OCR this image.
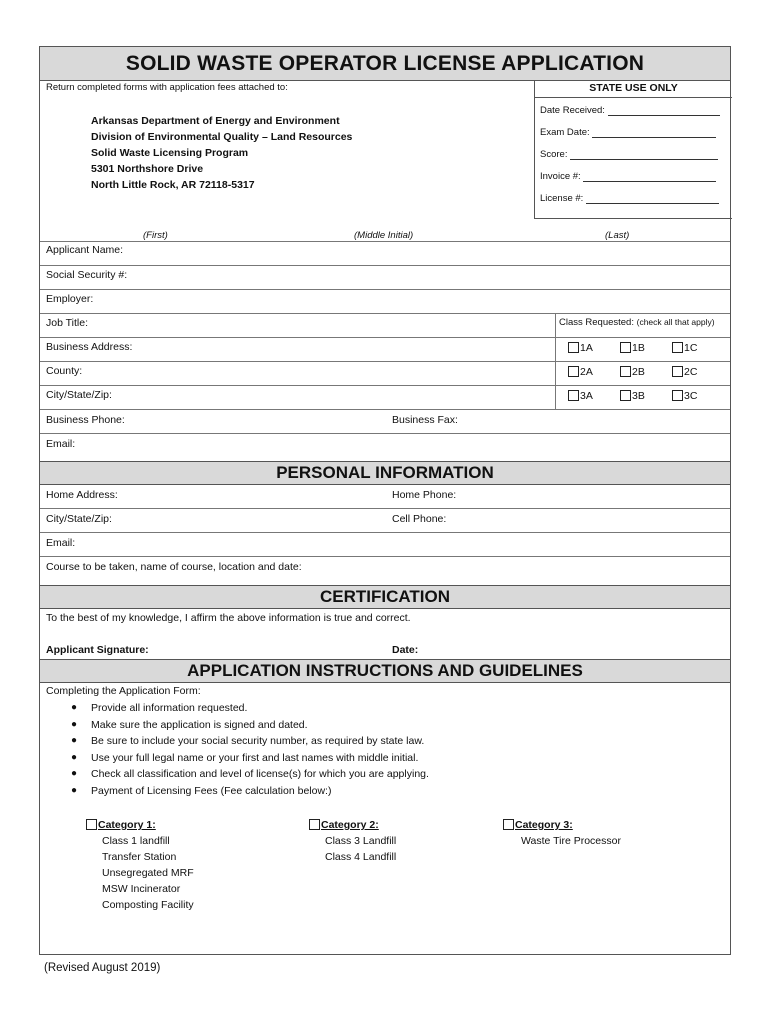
SOLID WASTE OPERATOR LICENSE APPLICATION
Return completed forms with application fees attached to:
Arkansas Department of Energy and Environment
Division of Environmental Quality – Land Resources
Solid Waste Licensing Program
5301 Northshore Drive
North Little Rock, AR 72118-5317
STATE USE ONLY
Date Received:
Exam Date:
Score:
Invoice #:
License #:
(First)	(Middle Initial)	(Last)
Applicant Name:
Social Security #:
Employer:
Job Title:
Business Address:
County:
City/State/Zip:
Business Phone:	Business Fax:
Email:
Class Requested: (check all that apply)
1A	1B	1C
2A	2B	2C
3A	3B	3C
PERSONAL INFORMATION
Home Address:	Home Phone:
City/State/Zip:	Cell Phone:
Email:
Course to be taken, name of course, location and date:
CERTIFICATION
To the best of my knowledge, I affirm the above information is true and correct.
Applicant Signature:	Date:
APPLICATION INSTRUCTIONS AND GUIDELINES
Completing the Application Form:
● Provide all information requested.
● Make sure the application is signed and dated.
● Be sure to include your social security number, as required by state law.
● Use your full legal name or your first and last names with middle initial.
● Check all classification and level of license(s) for which you are applying.
● Payment of Licensing Fees (Fee calculation below:)
Category 1:
Class 1 landfill
Transfer Station
Unsegregated MRF
MSW Incinerator
Composting Facility
Category 2:
Class 3 Landfill
Class 4 Landfill
Category 3:
Waste Tire Processor
(Revised August 2019)
